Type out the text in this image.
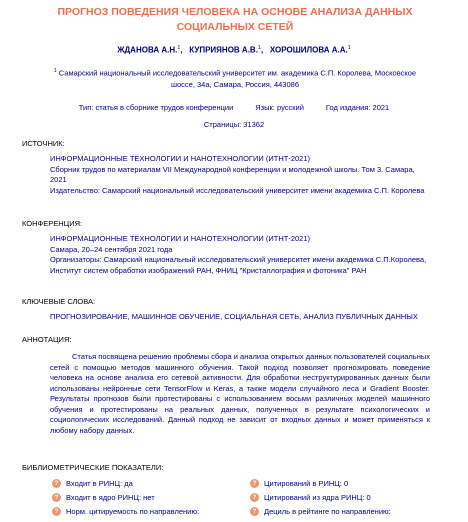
ПРОГНОЗ ПОВЕДЕНИЯ ЧЕЛОВЕКА НА ОСНОВЕ АНАЛИЗА ДАННЫХ СОЦИАЛЬНЫХ СЕТЕЙ
ЖДАНОВА А.Н.$^1$,   КУПРИЯНОВ А.В.$^1$,   ХОРОШИЛОВА А.А.$^1$
$^1$ Самарский национальный исследовательский университет им. академика С.П. Королева, Московское шоссе, 34а, Самара, Россия, 443086
Тип: статья в сборнике трудов конференции	Язык: русский	Год издания: 2021
Страницы: 31362
ИСТОЧНИК:
ИНФОРМАЦИОННЫЕ ТЕХНОЛОГИИ И НАНОТЕХНОЛОГИИ (ИТНТ-2021)
Сборник трудов по материалам VII Международной конференции и молодежной школы. Том 3. Самара, 2021
Издательство: Самарский национальный исследовательский университет имени академика С.П. Королева
КОНФЕРЕНЦИЯ:
ИНФОРМАЦИОННЫЕ ТЕХНОЛОГИИ И НАНОТЕХНОЛОГИИ (ИТНТ-2021)
Самара, 20–24 сентября 2021 года
Организаторы: Самарский национальный исследовательский университет имени академика С.П.Королева, Институт систем обработки изображений РАН, ФНИЦ "Кристаллография и фотоника" РАН
КЛЮЧЕВЫЕ СЛОВА:
ПРОГНОЗИРОВАНИЕ, МАШИННОЕ ОБУЧЕНИЕ, СОЦИАЛЬНАЯ СЕТЬ, АНАЛИЗ ПУБЛИЧНЫХ ДАННЫХ
АННОТАЦИЯ:
Статья посвящена решению проблемы сбора и анализа открытых данных пользователей социальных сетей с помощью методов машинного обучения. Такой подход позволяет прогнозировать поведение человека на основе анализа его сетевой активности. Для обработки неструктурированных данных были использованы нейронные сети TensorFlow и Keras, а также модели случайного леса и Gradient Booster. Результаты прогнозов были протестированы с использованием восьми различных моделей машинного обучения и протестированы на реальных данных, полученных в результате психологических и социологических исследований. Данный подход не зависит от входных данных и может применяться к любому набору данных.
БИБЛИОМЕТРИЧЕСКИЕ ПОКАЗАТЕЛИ:
?	Входит в РИНЦ:
да
?	Входит в ядро РИНЦ:
нет
?	Норм. цитируемость по направлению:

?	Цитирований в РИНЦ:
0
?	Цитирований из ядра РИНЦ:
0
?	Дециль в рейтинге по направлению:
